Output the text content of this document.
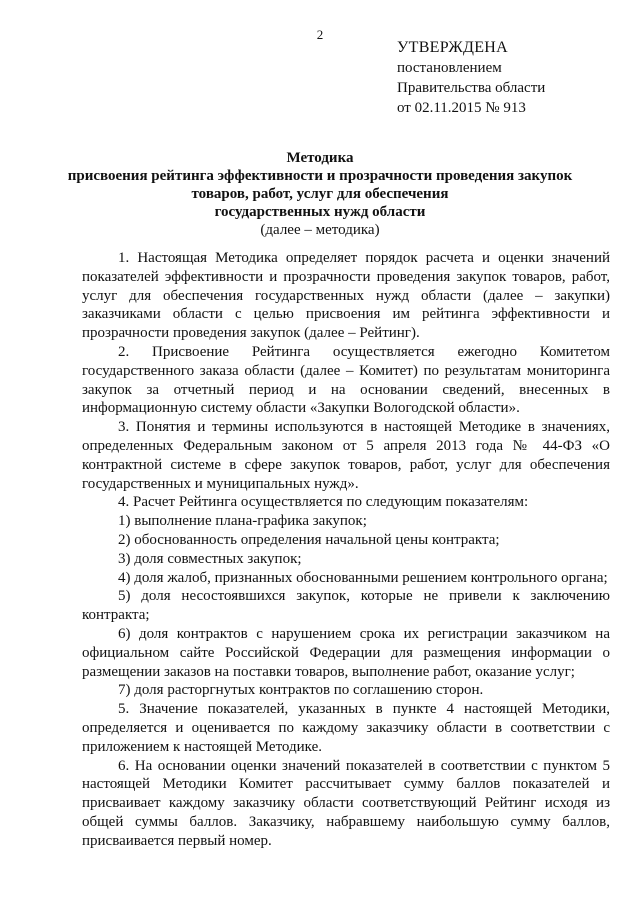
2
УТВЕРЖДЕНА
постановлением
Правительства области
от 02.11.2015 № 913
Методика
присвоения рейтинга эффективности и прозрачности проведения закупок
товаров, работ, услуг для обеспечения
государственных нужд области
(далее – методика)

1. Настоящая Методика определяет порядок расчета и оценки значений показателей эффективности и прозрачности проведения закупок товаров, работ, услуг для обеспечения государственных нужд области (далее – закупки) заказчиками области с целью присвоения им рейтинга эффективности и прозрачности проведения закупок (далее – Рейтинг).

2. Присвоение Рейтинга осуществляется ежегодно Комитетом государственного заказа области (далее – Комитет) по результатам мониторинга закупок за отчетный период и на основании сведений, внесенных в информационную систему области «Закупки Вологодской области».

3. Понятия и термины используются в настоящей Методике в значениях, определенных Федеральным законом от 5 апреля 2013 года № 44-ФЗ «О контрактной системе в сфере закупок товаров, работ, услуг для обеспечения государственных и муниципальных нужд».

4. Расчет Рейтинга осуществляется по следующим показателям:

1) выполнение плана-графика закупок;

2) обоснованность определения начальной цены контракта;

3) доля совместных закупок;

4) доля жалоб, признанных обоснованными решением контрольного органа;

5) доля несостоявшихся закупок, которые не привели к заключению контракта;

6) доля контрактов с нарушением срока их регистрации заказчиком на официальном сайте Российской Федерации для размещения информации о размещении заказов на поставки товаров, выполнение работ, оказание услуг;

7) доля расторгнутых контрактов по соглашению сторон.

5. Значение показателей, указанных в пункте 4 настоящей Методики, определяется и оценивается по каждому заказчику области в соответствии с приложением к настоящей Методике.

6. На основании оценки значений показателей в соответствии с пунктом 5 настоящей Методики Комитет рассчитывает сумму баллов показателей и присваивает каждому заказчику области соответствующий Рейтинг исходя из общей суммы баллов. Заказчику, набравшему наибольшую сумму баллов, присваивается первый номер.
